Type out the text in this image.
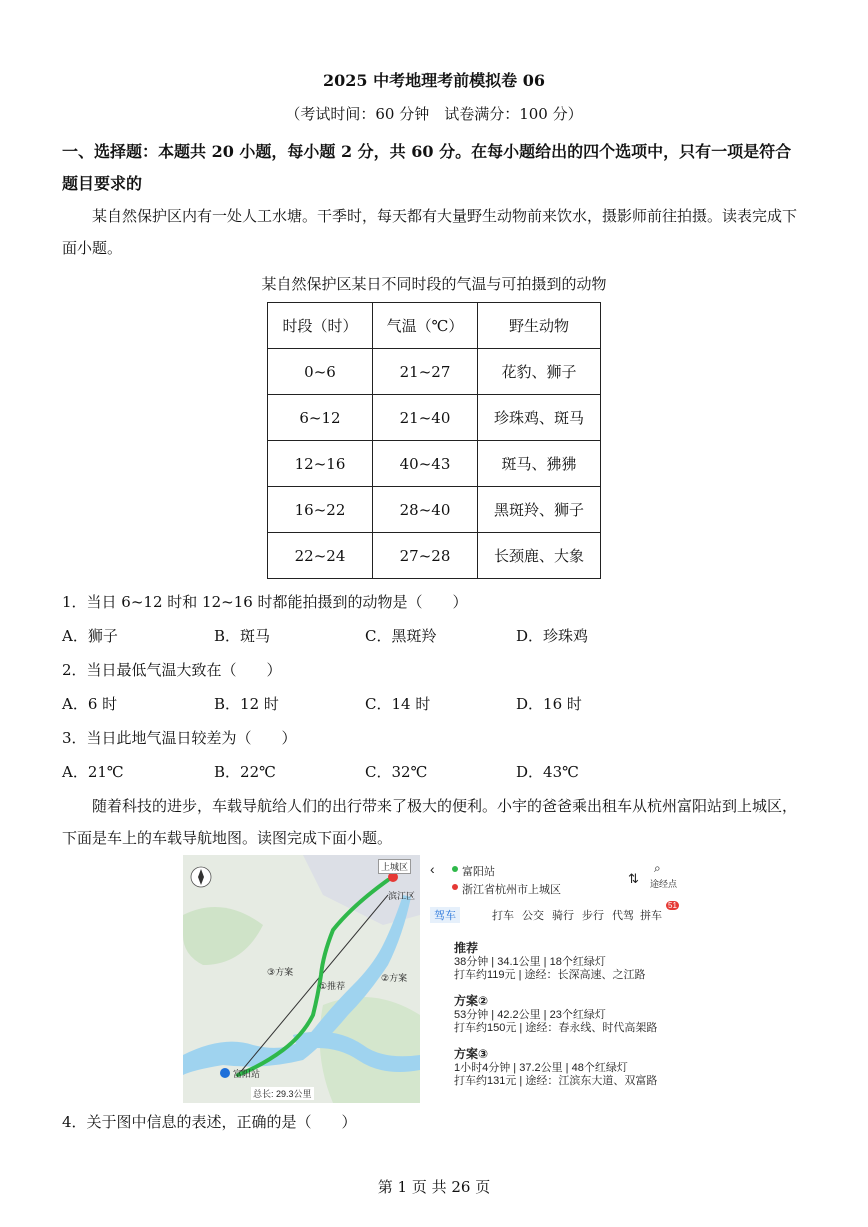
2025 中考地理考前模拟卷 06
（考试时间：60 分钟　试卷满分：100 分）
一、选择题：本题共 20 小题，每小题 2 分，共 60 分。在每小题给出的四个选项中，只有一项是符合题目要求的
某自然保护区内有一处人工水塘。干季时，每天都有大量野生动物前来饮水，摄影师前往拍摄。读表完成下面小题。
某自然保护区某日不同时段的气温与可拍摄到的动物
时段（时）	气温（℃）	野生动物
0~6	21~27	花豹、狮子
6~12	21~40	珍珠鸡、斑马
12~16	40~43	斑马、狒狒
16~22	28~40	黑斑羚、狮子
22~24	27~28	长颈鹿、大象
1．当日 6~12 时和 12~16 时都能拍摄到的动物是（　　）
A．狮子	B．斑马	C．黑斑羚	D．珍珠鸡
2．当日最低气温大致在（　　）
A．6 时	B．12 时	C．14 时	D．16 时
3．当日此地气温日较差为（　　）
A．21℃	B．22℃	C．32℃	D．43℃
随着科技的进步，车载导航给人们的出行带来了极大的便利。小宇的爸爸乘出租车从杭州富阳站到上城区，下面是车上的车载导航地图。读图完成下面小题。
上城区
滨江区
③方案
①推荐
②方案
富阳站
总长: 29.3公里
‹ 富阳站
浙江省杭州市上城区
⇅
⌕
途经点
驾车	打车 公交 骑行 步行 代驾 拼车
51
推荐
38分钟 | 34.1公里 | 18个红绿灯
打车约119元 | 途经：长深高速、之江路
方案②
53分钟 | 42.2公里 | 23个红绿灯
打车约150元 | 途经：春永线、时代高架路
方案③
1小时4分钟 | 37.2公里 | 48个红绿灯
打车约131元 | 途经：江滨东大道、双富路
4．关于图中信息的表述，正确的是（　　）
第 1 页 共 26 页
